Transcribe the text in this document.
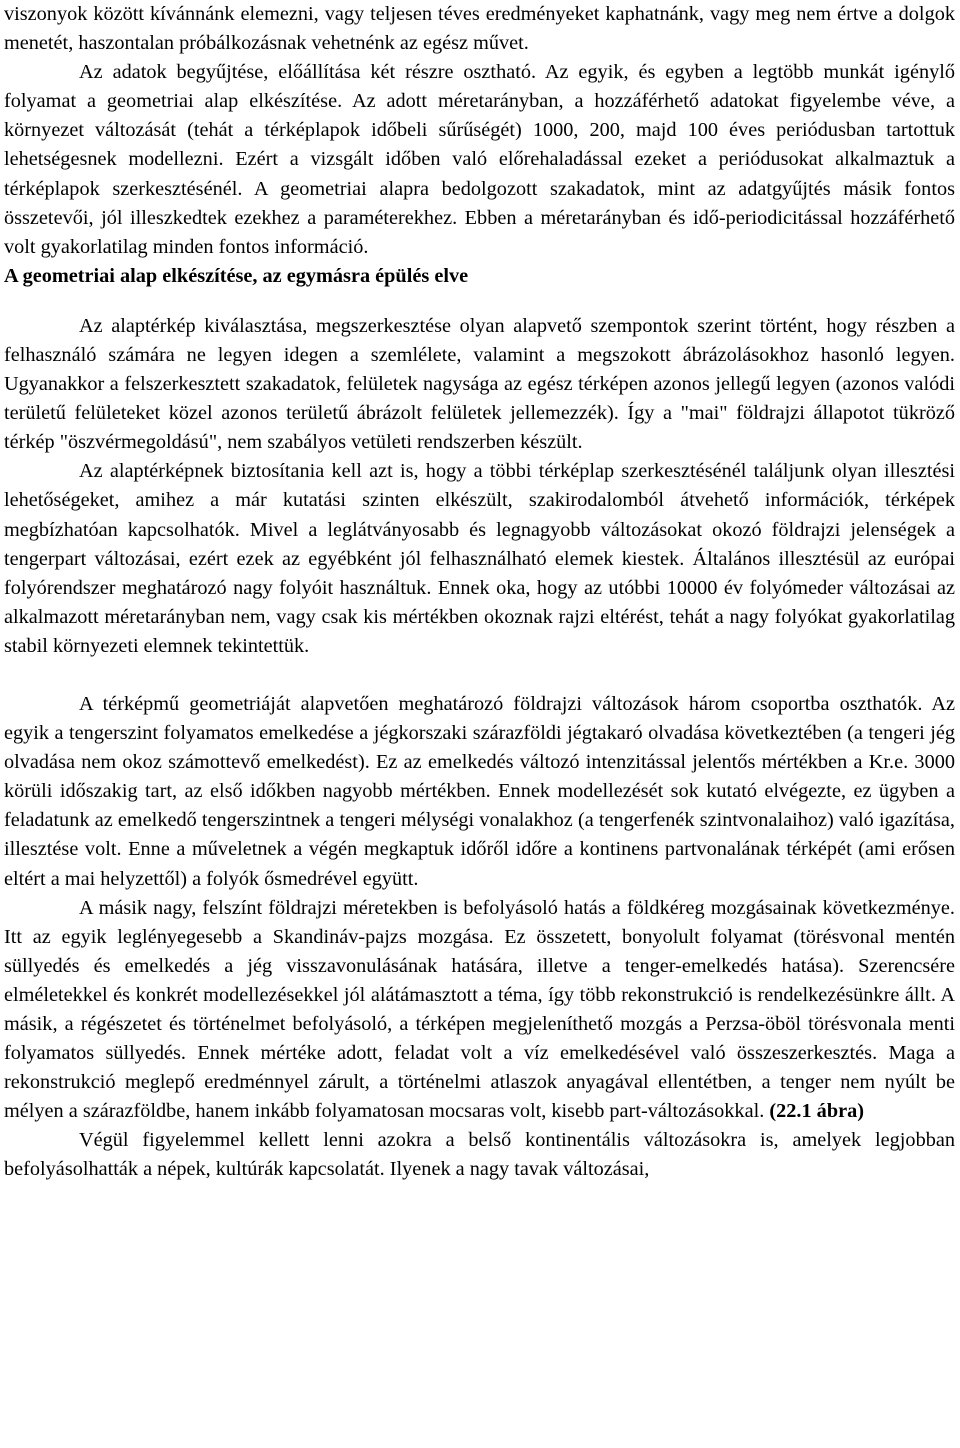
viszonyok között kívánnánk elemezni, vagy teljesen téves eredményeket kaphatnánk, vagy meg nem értve a dolgok menetét, haszontalan próbálkozásnak vehetnénk az egész művet.

Az adatok begyűjtése, előállítása két részre osztható. Az egyik, és egyben a legtöbb munkát igénylő folyamat a geometriai alap elkészítése. Az adott méretarányban, a hozzáférhető adatokat figyelembe véve, a környezet változását (tehát a térképlapok időbeli sűrűségét) 1000, 200, majd 100 éves periódusban tartottuk lehetségesnek modellezni. Ezért a vizsgált időben való előrehaladással ezeket a periódusokat alkalmaztuk a térképlapok szerkesztésénél. A geometriai alapra bedolgozott szakadatok, mint az adatgyűjtés másik fontos összetevői, jól illeszkedtek ezekhez a paraméterekhez. Ebben a méretarányban és idő-periodicitással hozzáférhető volt gyakorlatilag minden fontos információ.

A geometriai alap elkészítése, az egymásra épülés elve

Az alaptérkép kiválasztása, megszerkesztése olyan alapvető szempontok szerint történt, hogy részben a felhasználó számára ne legyen idegen a szemlélete, valamint a megszokott ábrázolásokhoz hasonló legyen. Ugyanakkor a felszerkesztett szakadatok, felületek nagysága az egész térképen azonos jellegű legyen (azonos valódi területű felületeket közel azonos területű ábrázolt felületek jellemezzék). Így a "mai" földrajzi állapotot tükröző térkép "öszvérmegoldású", nem szabályos vetületi rendszerben készült.

Az alaptérképnek biztosítania kell azt is, hogy a többi térképlap szerkesztésénél találjunk olyan illesztési lehetőségeket, amihez a már kutatási szinten elkészült, szakirodalomból átvehető információk, térképek megbízhatóan kapcsolhatók. Mivel a leglátványosabb és legnagyobb változásokat okozó földrajzi jelenségek a tengerpart változásai, ezért ezek az egyébként jól felhasználható elemek kiestek. Általános illesztésül az európai folyórendszer meghatározó nagy folyóit használtuk. Ennek oka, hogy az utóbbi 10000 év folyómeder változásai az alkalmazott méretarányban nem, vagy csak kis mértékben okoznak rajzi eltérést, tehát a nagy folyókat gyakorlatilag stabil környezeti elemnek tekintettük.

A térképmű geometriáját alapvetően meghatározó földrajzi változások három csoportba oszthatók. Az egyik a tengerszint folyamatos emelkedése a jégkorszaki szárazföldi jégtakaró olvadása következtében (a tengeri jég olvadása nem okoz számottevő emelkedést). Ez az emelkedés változó intenzitással jelentős mértékben a Kr.e. 3000 körüli időszakig tart, az első időkben nagyobb mértékben. Ennek modellezését sok kutató elvégezte, ez ügyben a feladatunk az emelkedő tengerszintnek a tengeri mélységi vonalakhoz (a tengerfenék szintvonalaihoz) való igazítása, illesztése volt. Enne a műveletnek a végén megkaptuk időről időre a kontinens partvonalának térképét (ami erősen eltért a mai helyzettől) a folyók ősmedrével együtt.

A másik nagy, felszínt földrajzi méretekben is befolyásoló hatás a földkéreg mozgásainak következménye. Itt az egyik leglényegesebb a Skandináv-pajzs mozgása. Ez összetett, bonyolult folyamat (törésvonal mentén süllyedés és emelkedés a jég visszavonulásának hatására, illetve a tenger-emelkedés hatása). Szerencsére elméletekkel és konkrét modellezésekkel jól alátámasztott a téma, így több rekonstrukció is rendelkezésünkre állt. A másik, a régészetet és történelmet befolyásoló, a térképen megjeleníthető mozgás a Perzsa-öböl törésvonala menti folyamatos süllyedés. Ennek mértéke adott, feladat volt a víz emelkedésével való összeszerkesztés. Maga a rekonstrukció meglepő eredménnyel zárult, a történelmi atlaszok anyagával ellentétben, a tenger nem nyúlt be mélyen a szárazföldbe, hanem inkább folyamatosan mocsaras volt, kisebb part-változásokkal. (22.1 ábra)

Végül figyelemmel kellett lenni azokra a belső kontinentális változásokra is, amelyek legjobban befolyásolhatták a népek, kultúrák kapcsolatát. Ilyenek a nagy tavak változásai,
